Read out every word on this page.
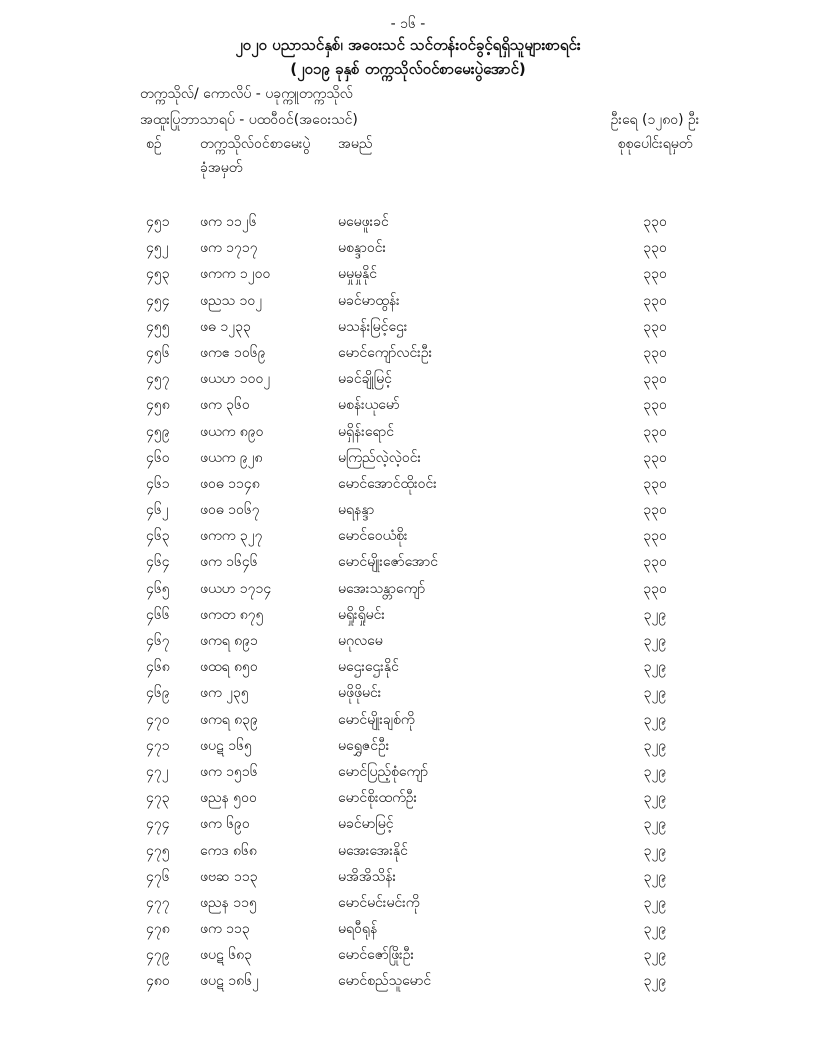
- ၁၆ -
၂၀၂၀ ပညာသင်နှစ်၊ အဝေးသင် သင်တန်းဝင်ခွင့်ရရှိသူများစာရင်း
(၂၀၁၉ ခုနှစ် တက္ကသိုလ်ဝင်စာမေးပွဲအောင်)
တက္ကသိုလ်/ ကောလိပ် - ပခုက္ကူတက္ကသိုလ်
အထူးပြုဘာသာရပ် - ပထဝီဝင်(အဝေးသင်)	ဦးရေ (၁၂၈၀) ဦး
စဉ်	တက္ကသိုလ်ဝင်စာမေးပွဲ
ခုံအမှတ်
အမည်	စုစုပေါင်းရမှတ်
၄၅၁ ဖက ၁၁၂၆	မမေဖူးခင်	၃၃၀
၄၅၂ ဖက ၁၇၁၇	မစန္ဒာဝင်း	၃၃၀
၄၅၃ ဖကက ၁၂၀၀	မမှုမှုနိုင်	၃၃၀
၄၅၄ ဖညသ ၁၀၂	မခင်မာထွန်း	၃၃၀
၄၅၅ ဖဓ ၁၂၃၃	မသန်းမြင့်ဌေး	၃၃၀
၄၅၆ ဖကဧ ၁၀၆၉	မောင်ကျော်လင်းဦး	၃၃၀
၄၅၇ ဖယဟ ၁၀၀၂	မခင်ချိုမြင့်	၃၃၀
၄၅၈ ဖက ၃၆၀	မစန်းယုမော်	၃၃၀
၄၅၉ ဖယက ၈၉၀	မရှိန်းရောင်	၃၃၀
၄၆၀ ဖယက ၉၂၈	မကြည်လဲ့လဲ့ဝင်း	၃၃၀
၄၆၁ ဖဝဓ ၁၁၄၈	မောင်အောင်ထိုးဝင်း	၃၃၀
၄၆၂ ဖဝဓ ၁၀၆၇	မရနန္ဒာ	၃၃၀
၄၆၃ ဖကက ၃၂၇	မောင်ဝေယံစိုး	၃၃၀
၄၆၄ ဖက ၁၆၄၆	မောင်မျိုးဇော်အောင်	၃၃၀
၄၆၅ ဖယဟ ၁၇၁၄	မအေးသန္တာကျော်	၃၃၀
၄၆၆ ဖကတ ၈၇၅	မရှိုးရှိုမင်း	၃၂၉
၄၆၇ ဖကရ ၈၉၁	မဂုလမေ	၃၂၉
၄၆၈ ဖထရ ၈၅၀	မဌေးဌေးနိုင်	၃၂၉
၄၆၉ ဖက ၂၃၅	မဖိုဖိုမင်း	၃၂၉
၄၇၀ ဖကရ ၈၃၉	မောင်မျိုးချစ်ကို	၃၂၉
၄၇၁ ဖပဋ ၁၆၅	မရွှေဇင်ဦး	၃၂၉
၄၇၂ ဖက ၁၅၁၆	မောင်ပြည့်စုံကျော်	၃၂၉
၄၇၃ ဖညန ၅၀၀	မောင်စိုးထက်ဦး	၃၂၉
၄၇၄ ဖက ၆၉၀	မခင်မာမြင့်	၃၂၉
၄၇၅ ကေဒ ၈၆၈	မအေးအေးနိုင်	၃၂၉
၄၇၆ ဖဗဆ ၁၁၃	မအိအိသိန်း	၃၂၉
၄၇၇ ဖညန ၁၁၅	မောင်မင်းမင်းကို	၃၂၉
၄၇၈ ဖက ၁၁၃	မရဝီရုန်	၃၂၉
၄၇၉ ဖပဋ ၆၈၃	မောင်ဇော်ဖြိုးဦး	၃၂၉
၄၈၀ ဖပဋ ၁၈၆၂	မောင်စည်သူမောင်	၃၂၉
